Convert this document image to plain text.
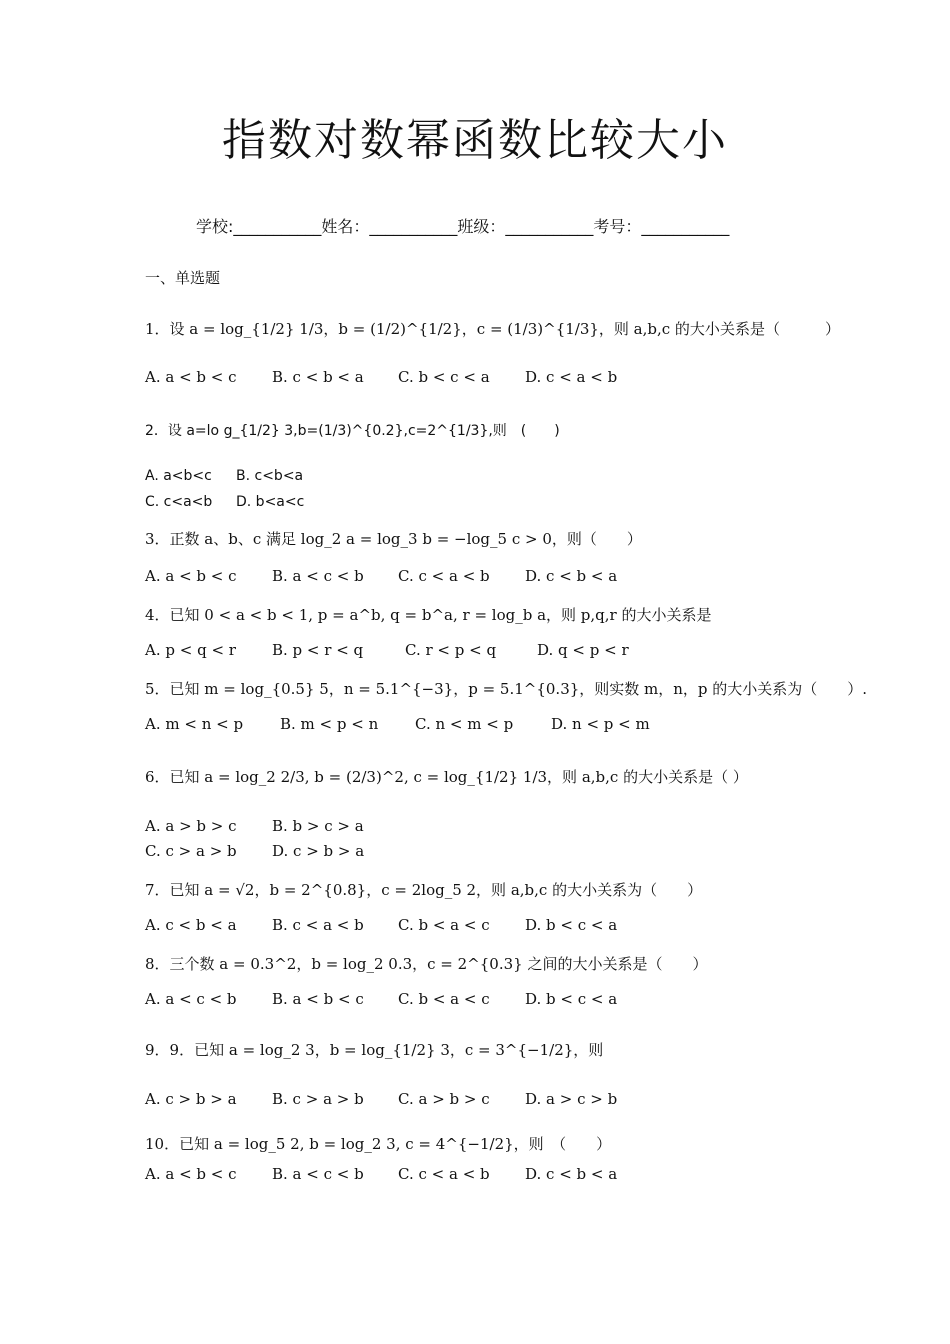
指数对数幂函数比较大小
学校:___________姓名：___________班级：___________考号：___________
一、单选题
1．设 a = log_{1/2} 1/3，b = (1/2)^{1/2}，c = (1/3)^{1/3}，则 a,b,c 的大小关系是（　　　）
A. a < b < c B. c < b < a C. b < c < a D. c < a < b
2．设 a=lo g_{1/2} 3,b=(1/3)^{0.2},c=2^{1/3},则　(　　)
A. a<b<c B. c<b<a
C. c<a<b D. b<a<c
3．正数 a、b、c 满足 log_2 a = log_3 b = −log_5 c > 0，则（　　）
A. a < b < c B. a < c < b C. c < a < b D. c < b < a
4．已知 0 < a < b < 1, p = a^b, q = b^a, r = log_b a，则 p,q,r 的大小关系是
A. p < q < r B. p < r < q	C. r < p < q	D. q < p < r
5．已知 m = log_{0.5} 5，n = 5.1^{−3}，p = 5.1^{0.3}，则实数 m，n，p 的大小关系为（　　）.
A. m < n < p B. m < p < n C. n < m < p	D. n < p < m
6．已知 a = log_2 2/3, b = (2/3)^2, c = log_{1/2} 1/3，则 a,b,c 的大小关系是（ ）
A. a > b > c B. b > c > a
C. c > a > b D. c > b > a
7．已知 a = √2，b = 2^{0.8}，c = 2log_5 2，则 a,b,c 的大小关系为（　　）
A. c < b < a B. c < a < b C. b < a < c D. b < c < a
8．三个数 a = 0.3^2，b = log_2 0.3，c = 2^{0.3} 之间的大小关系是（　　）
A. a < c < b B. a < b < c C. b < a < c D. b < c < a
9．9．已知 a = log_2 3，b = log_{1/2} 3，c = 3^{−1/2}，则
A. c > b > a B. c > a > b C. a > b > c D. a > c > b
10．已知 a = log_5 2, b = log_2 3, c = 4^{−1/2}，则　（　　）
A. a < b < c B. a < c < b C. c < a < b D. c < b < a
